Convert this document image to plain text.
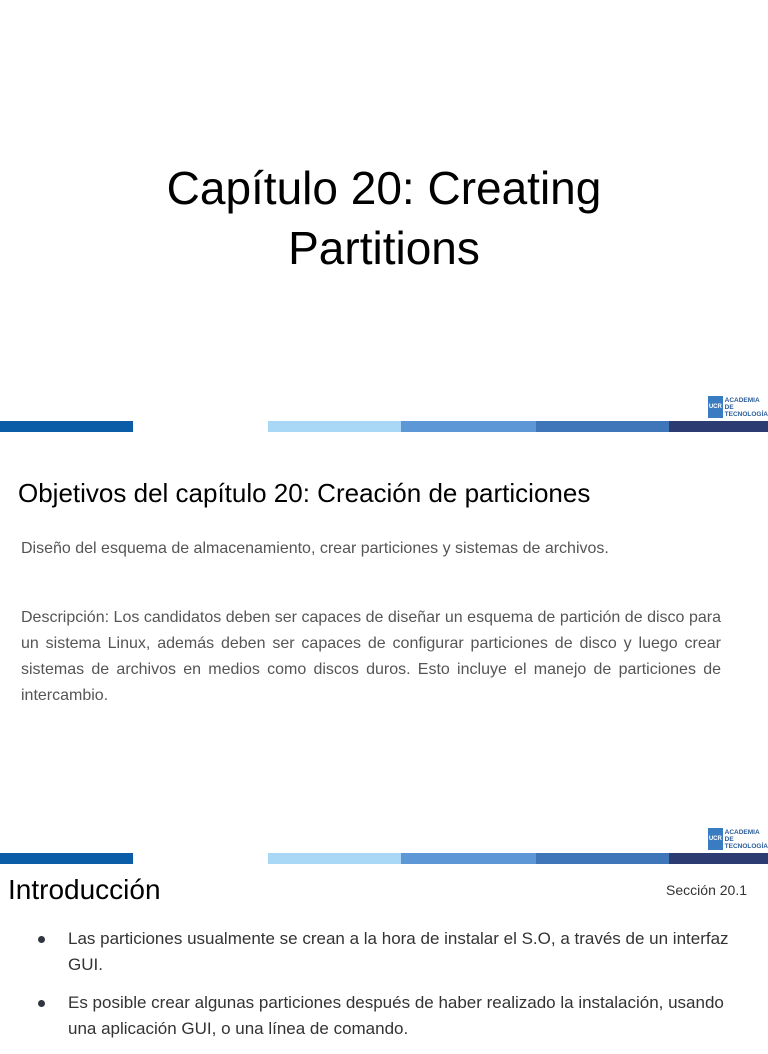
Capítulo 20: Creating
Partitions
UCR
ACADEMIA DE
TECNOLOGÍA
Objetivos del capítulo 20: Creación de particiones
Diseño del esquema de almacenamiento, crear particiones y sistemas de archivos.
Descripción: Los candidatos deben ser capaces de diseñar un esquema de partición de disco para un sistema Linux, además deben ser capaces de configurar particiones de disco y luego crear sistemas de archivos en medios como discos duros. Esto incluye el manejo de particiones de intercambio.
UCR
ACADEMIA DE
TECNOLOGÍA
Introducción	Sección 20.1
Las particiones usualmente se crean a la hora de instalar el S.O, a través de un interfaz GUI.
Es posible crear algunas particiones después de haber realizado la instalación, usando una aplicación GUI, o una línea de comando.
